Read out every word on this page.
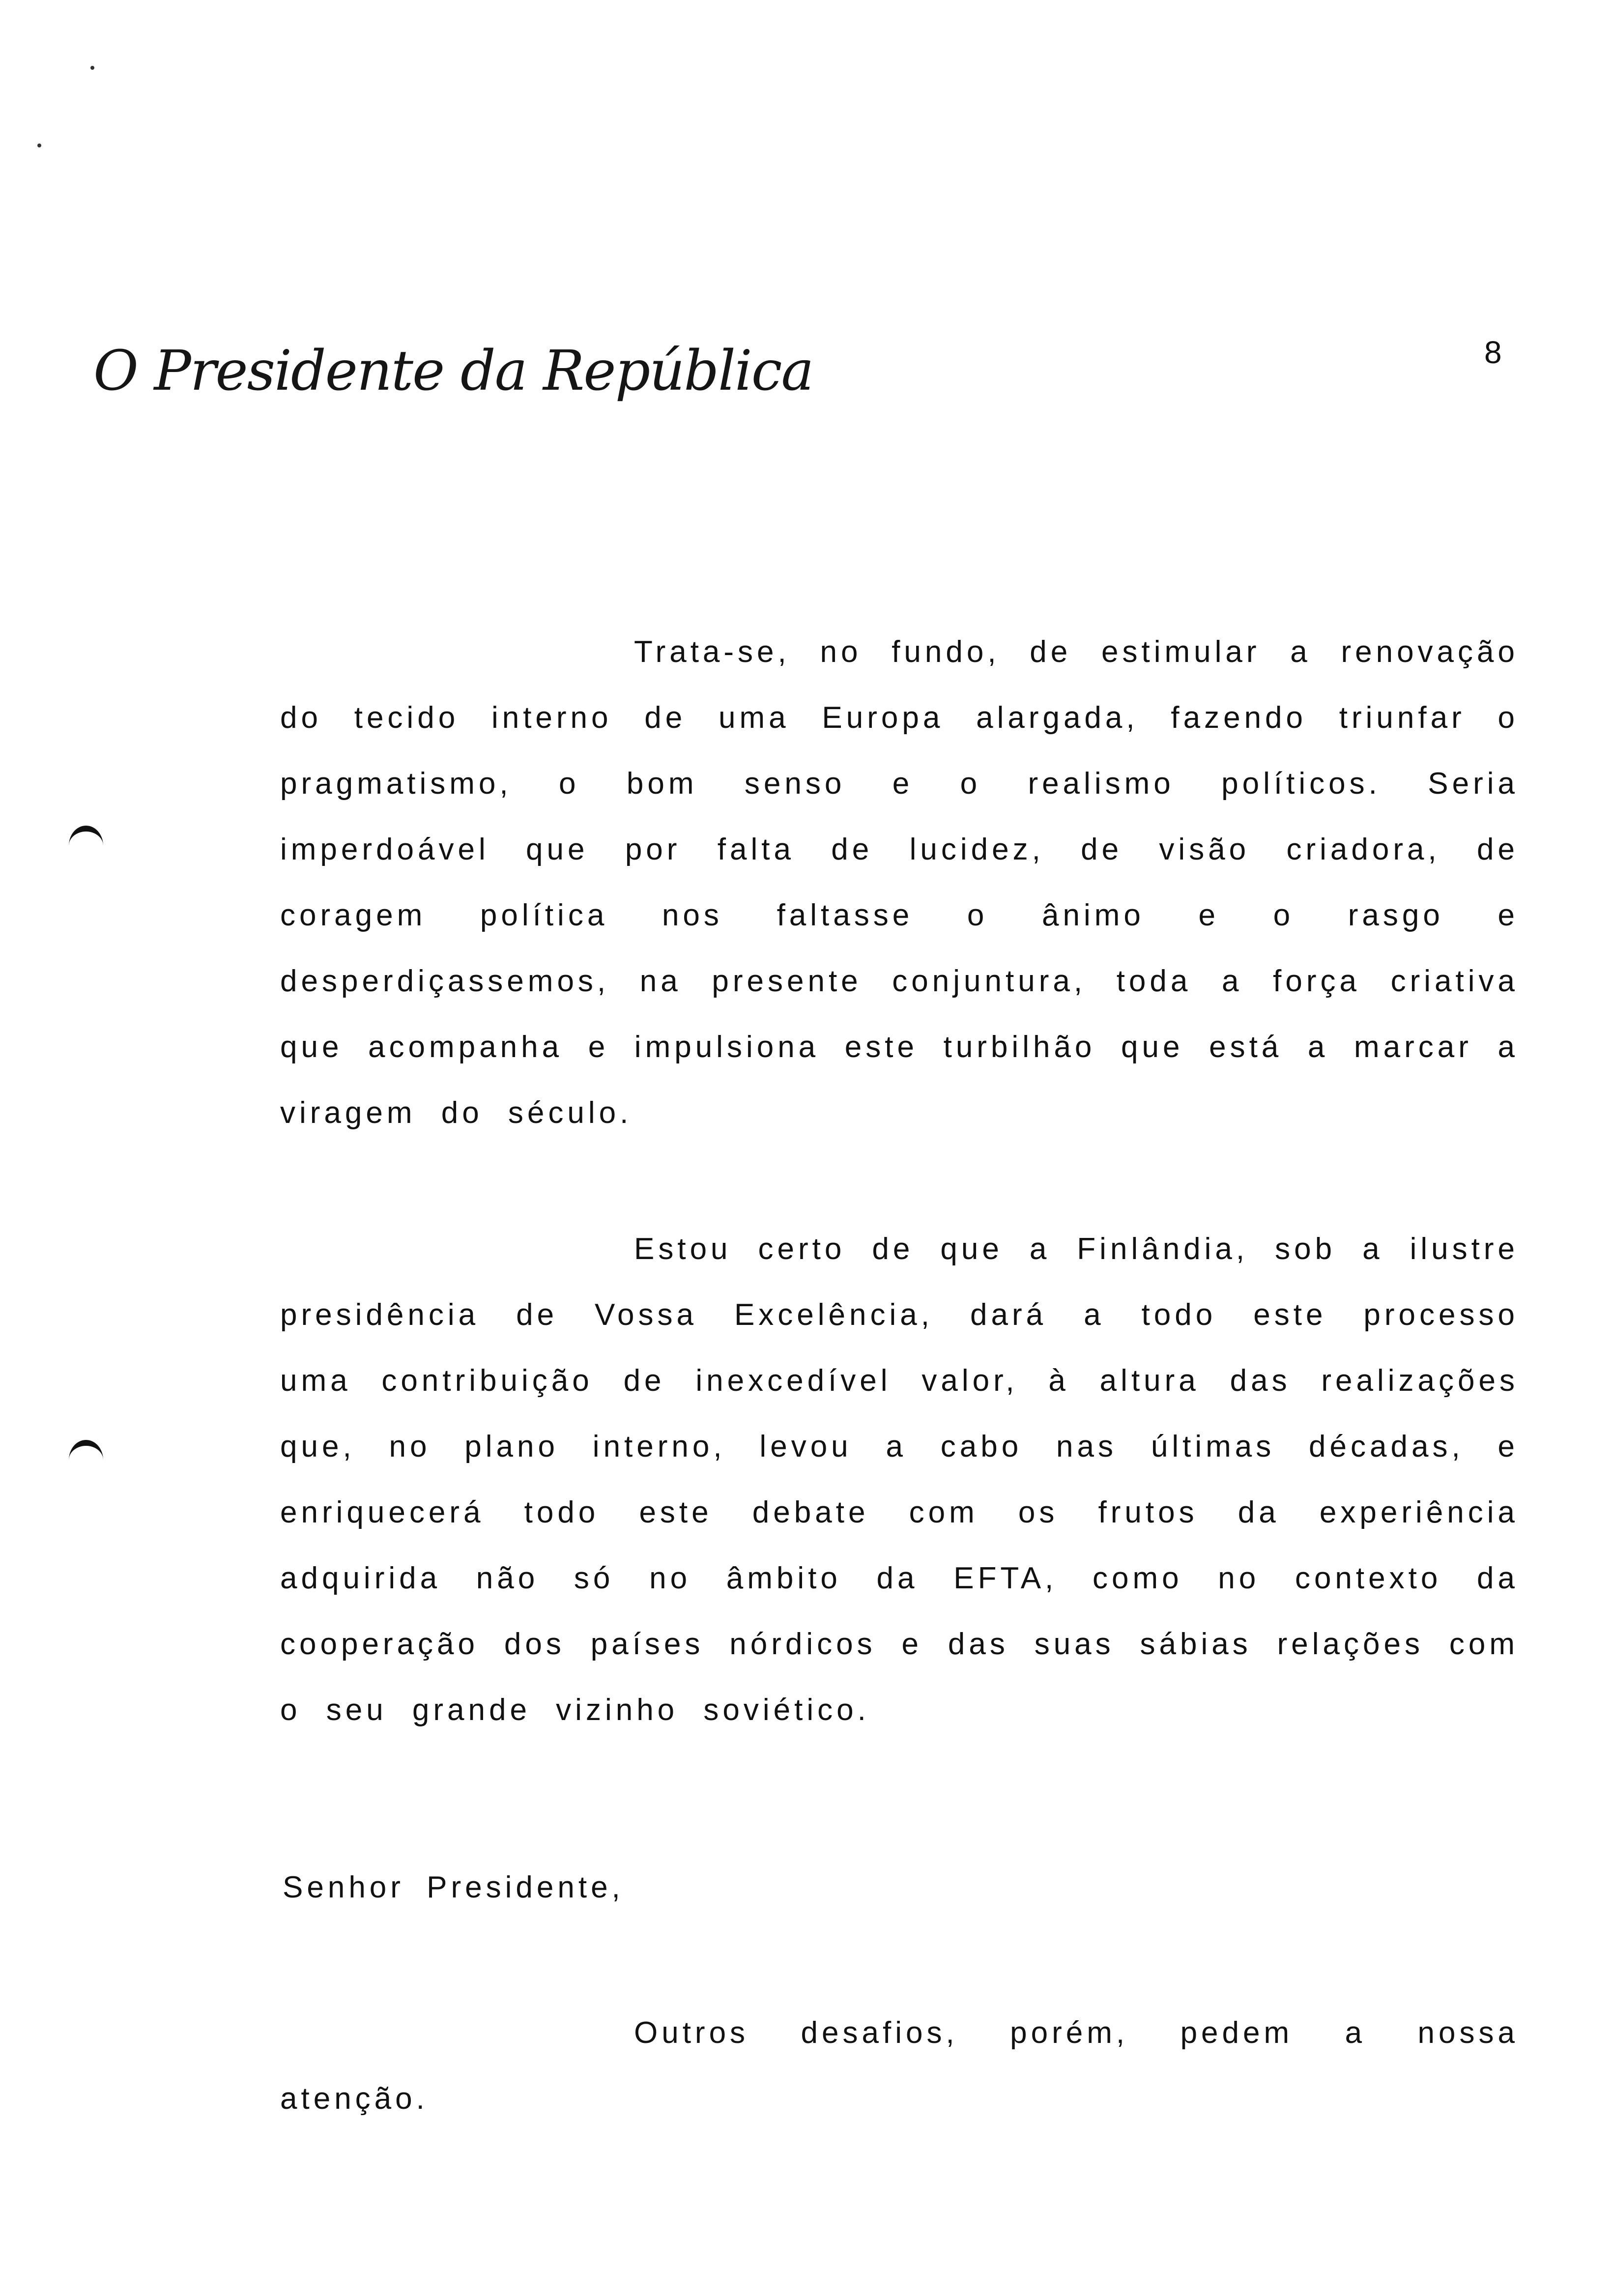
O Presidente da República	8

Trata-se, no fundo, de estimular a renovação do tecido interno de uma Europa alargada, fazendo triunfar o pragmatismo, o bom senso e o realismo políticos. Seria imperdoável que por falta de lucidez, de visão criadora, de coragem política nos faltasse o ânimo e o rasgo e desperdiçassemos, na presente conjuntura, toda a força criativa que acompanha e impulsiona este turbilhão que está a marcar a viragem do século.

Estou certo de que a Finlândia, sob a ilustre presidência de Vossa Excelência, dará a todo este processo uma contribuição de inexcedível valor, à altura das realizações que, no plano interno, levou a cabo nas últimas décadas, e enriquecerá todo este debate com os frutos da experiência adquirida não só no âmbito da EFTA, como no contexto da cooperação dos países nórdicos e das suas sábias relações com o seu grande vizinho soviético.

Senhor Presidente,

Outros desafios, porém, pedem a nossa atenção.
